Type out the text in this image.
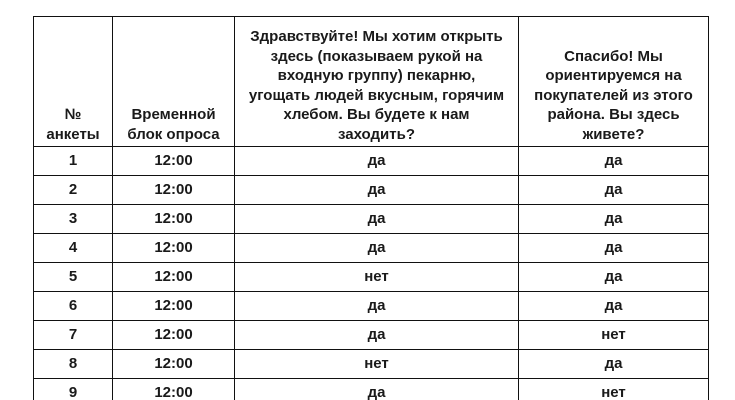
№ анкеты	Временной блок опроса	Здравствуйте! Мы хотим открыть здесь (показываем рукой на входную группу) пекарню, угощать людей вкусным, горячим хлебом. Вы будете к нам заходить?	Спасибо! Мы ориентируемся на покупателей из этого района. Вы здесь живете?
1	12:00	да	да
2	12:00	да	да
3	12:00	да	да
4	12:00	да	да
5	12:00	нет	да
6	12:00	да	да
7	12:00	да	нет
8	12:00	нет	да
9	12:00	да	нет
